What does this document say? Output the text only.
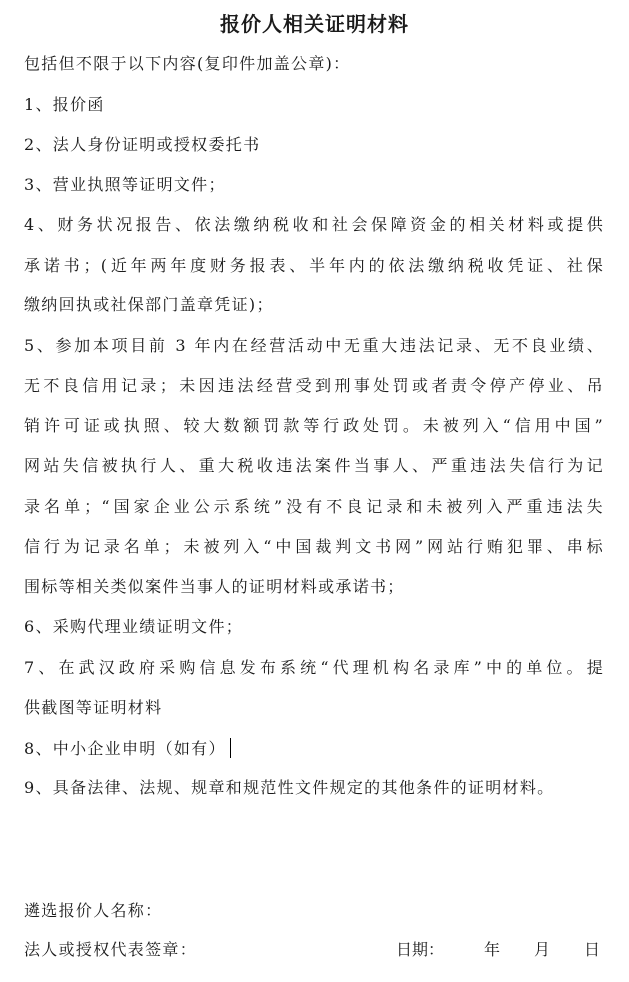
报价人相关证明材料
包括但不限于以下内容(复印件加盖公章)：
1、报价函
2、法人身份证明或授权委托书
3、营业执照等证明文件；
4、财务状况报告、依法缴纳税收和社会保障资金的相关材料或提供
承诺书；(近年两年度财务报表、半年内的依法缴纳税收凭证、社保
缴纳回执或社保部门盖章凭证)；
5、参加本项目前 3 年内在经营活动中无重大违法记录、无不良业绩、
无不良信用记录；未因违法经营受到刑事处罚或者责令停产停业、吊
销许可证或执照、较大数额罚款等行政处罚。未被列入“信用中国”
网站失信被执行人、重大税收违法案件当事人、严重违法失信行为记
录名单；“国家企业公示系统”没有不良记录和未被列入严重违法失
信行为记录名单；未被列入“中国裁判文书网”网站行贿犯罪、串标
围标等相关类似案件当事人的证明材料或承诺书；
6、采购代理业绩证明文件；
7、在武汉政府采购信息发布系统“代理机构名录库”中的单位。提
供截图等证明材料
8、中小企业申明（如有）
9、具备法律、法规、规章和规范性文件规定的其他条件的证明材料。
遴选报价人名称：
法人或授权代表签章：	日期： 年 月 日
